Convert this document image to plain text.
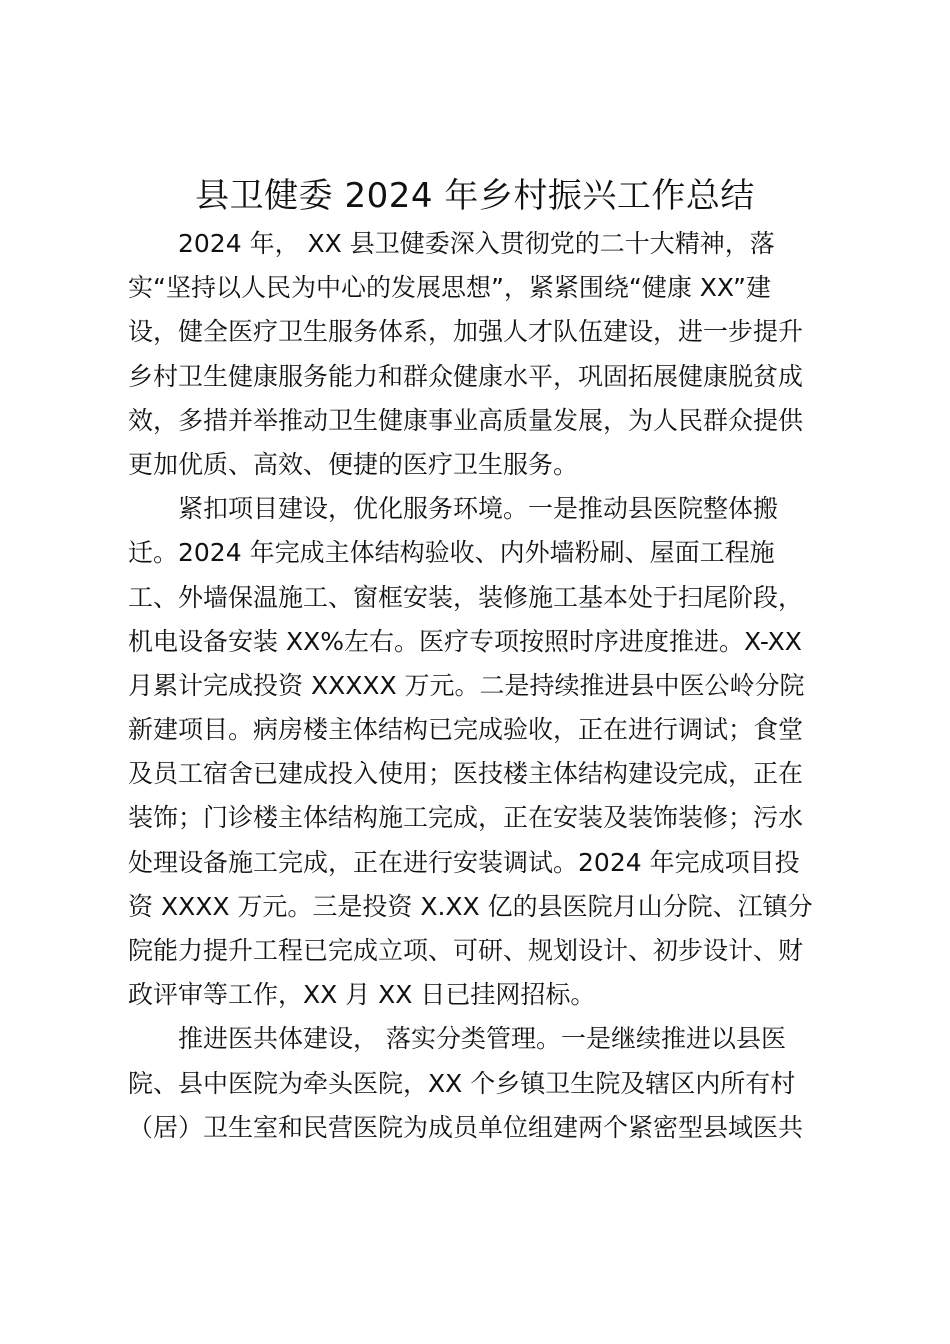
县卫健委 2024 年乡村振兴工作总结
2024 年， XX 县卫健委深入贯彻党的二十大精神，落
实“坚持以人民为中心的发展思想”，紧紧围绕“健康 XX”建
设，健全医疗卫生服务体系，加强人才队伍建设，进一步提升
乡村卫生健康服务能力和群众健康水平，巩固拓展健康脱贫成
效，多措并举推动卫生健康事业高质量发展，为人民群众提供
更加优质、高效、便捷的医疗卫生服务。
紧扣项目建设，优化服务环境。一是推动县医院整体搬
迁。2024 年完成主体结构验收、内外墙粉刷、屋面工程施
工、外墙保温施工、窗框安装，装修施工基本处于扫尾阶段，
机电设备安装 XX%左右。医疗专项按照时序进度推进。X-XX
月累计完成投资 XXXXX 万元。二是持续推进县中医公岭分院
新建项目。病房楼主体结构已完成验收，正在进行调试；食堂
及员工宿舍已建成投入使用；医技楼主体结构建设完成，正在
装饰；门诊楼主体结构施工完成，正在安装及装饰装修；污水
处理设备施工完成，正在进行安装调试。2024 年完成项目投
资 XXXX 万元。三是投资 X.XX 亿的县医院月山分院、江镇分
院能力提升工程已完成立项、可研、规划设计、初步设计、财
政评审等工作，XX 月 XX 日已挂网招标。
推进医共体建设， 落实分类管理。一是继续推进以县医
院、县中医院为牵头医院，XX 个乡镇卫生院及辖区内所有村
（居）卫生室和民营医院为成员单位组建两个紧密型县域医共
